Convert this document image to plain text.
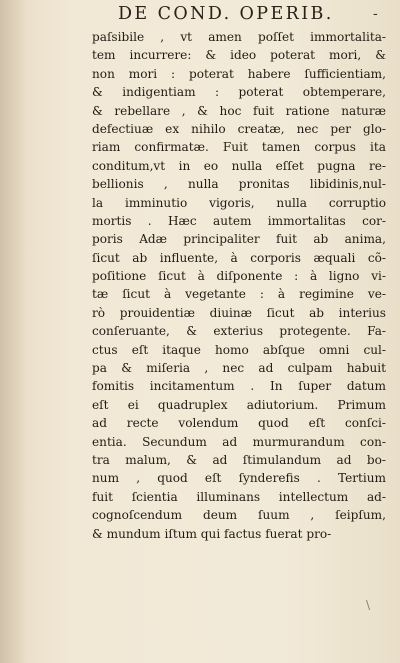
DE COND. OPERIB.	-
paſsibile , vt amen poſſet immortalita-
tem incurrere: & ideo poterat mori, &
non mori : poterat habere ſufficientiam,
& indigentiam : poterat obtemperare,
& rebellare , & hoc fuit ratione naturæ
defectiuæ ex nihilo creatæ, nec per glo-
riam confirmatæ. Fuit tamen corpus ita
conditum,vt in eo nulla eſſet pugna re-
bellionis , nulla pronitas libidinis,nul-
la imminutio vigoris, nulla corruptio
mortis . Hæc autem immortalitas cor-
poris Adæ principaliter fuit ab anima,
ſicut ab influente, à corporis æquali cõ-
poſitione ſicut à diſponente : à ligno vi-
tæ ſicut à vegetante : à regimine ve-
rò prouidentiæ diuinæ ſicut ab interius
conſeruante, & exterius protegente. Fa-
ctus eſt itaque homo abſque omni cul-
pa & miſeria , nec ad culpam habuit
fomitis incitamentum . In ſuper datum
eſt ei quadruplex adiutorium. Primum
ad recte volendum quod eſt conſci-
entia. Secundum ad murmurandum con-
tra malum, & ad ſtimulandum ad bo-
num , quod eſt ſynderefis . Tertium
fuit ſcientia illuminans intellectum ad-
cognoſcendum deum ſuum , ſeipſum,
& mundum iſtum qui factus fuerat pro-
\
